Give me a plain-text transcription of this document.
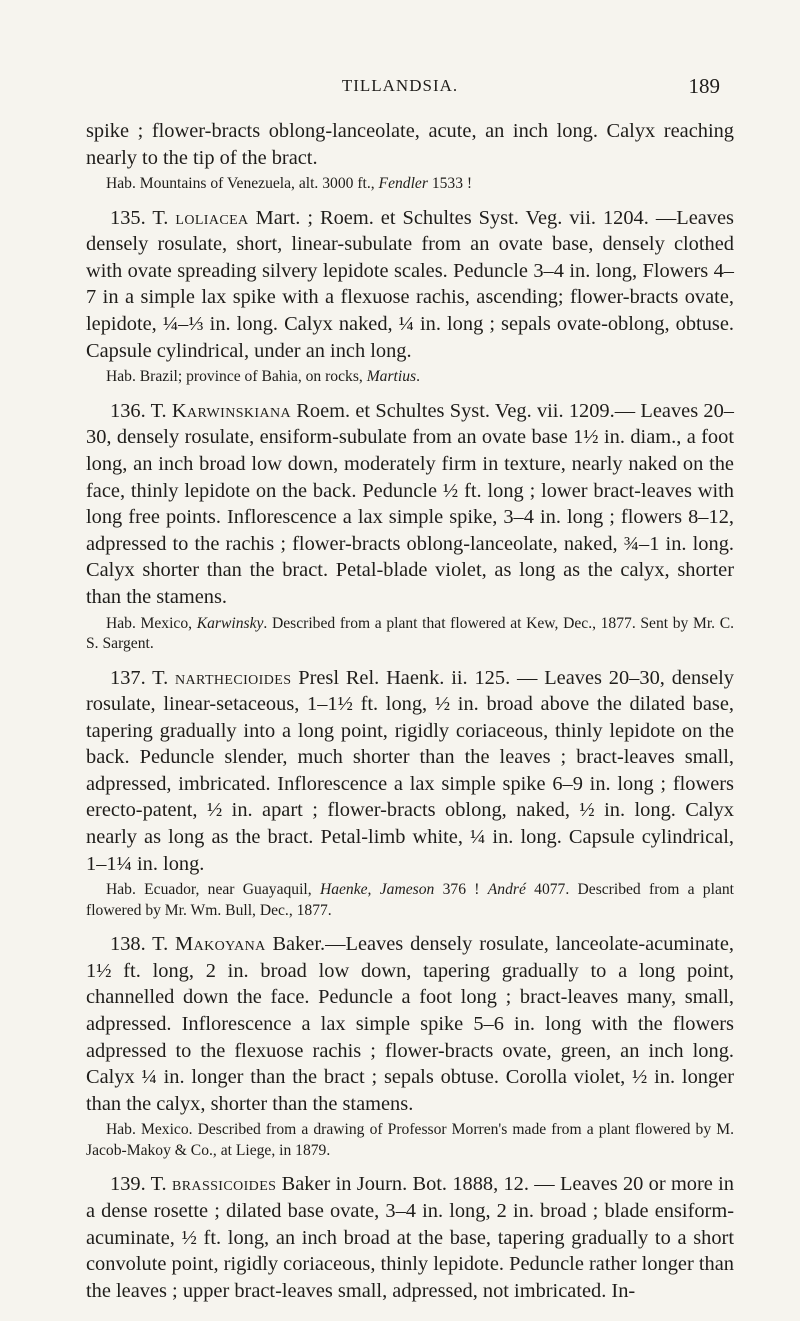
TILLANDSIA.	189

spike ; flower-bracts oblong-lanceolate, acute, an inch long. Calyx reaching nearly to the tip of the bract.

Hab. Mountains of Venezuela, alt. 3000 ft., Fendler 1533 !

135. T. loliacea Mart. ; Roem. et Schultes Syst. Veg. vii. 1204. —Leaves densely rosulate, short, linear-subulate from an ovate base, densely clothed with ovate spreading silvery lepidote scales. Peduncle 3–4 in. long, Flowers 4–7 in a simple lax spike with a flexuose rachis, ascending; flower-bracts ovate, lepidote, ¼–⅓ in. long. Calyx naked, ¼ in. long ; sepals ovate-oblong, obtuse. Capsule cylindrical, under an inch long.

Hab. Brazil; province of Bahia, on rocks, Martius.

136. T. Karwinskiana Roem. et Schultes Syst. Veg. vii. 1209.— Leaves 20–30, densely rosulate, ensiform-subulate from an ovate base 1½ in. diam., a foot long, an inch broad low down, moderately firm in texture, nearly naked on the face, thinly lepidote on the back. Peduncle ½ ft. long ; lower bract-leaves with long free points. Inflorescence a lax simple spike, 3–4 in. long ; flowers 8–12, adpressed to the rachis ; flower-bracts oblong-lanceolate, naked, ¾–1 in. long. Calyx shorter than the bract. Petal-blade violet, as long as the calyx, shorter than the stamens.

Hab. Mexico, Karwinsky. Described from a plant that flowered at Kew, Dec., 1877. Sent by Mr. C. S. Sargent.

137. T. narthecioides Presl Rel. Haenk. ii. 125. — Leaves 20–30, densely rosulate, linear-setaceous, 1–1½ ft. long, ½ in. broad above the dilated base, tapering gradually into a long point, rigidly coriaceous, thinly lepidote on the back. Peduncle slender, much shorter than the leaves ; bract-leaves small, adpressed, imbricated. Inflorescence a lax simple spike 6–9 in. long ; flowers erecto-patent, ½ in. apart ; flower-bracts oblong, naked, ½ in. long. Calyx nearly as long as the bract. Petal-limb white, ¼ in. long. Capsule cylindrical, 1–1¼ in. long.

Hab. Ecuador, near Guayaquil, Haenke, Jameson 376 ! André 4077. Described from a plant flowered by Mr. Wm. Bull, Dec., 1877.

138. T. Makoyana Baker.—Leaves densely rosulate, lanceolate-acuminate, 1½ ft. long, 2 in. broad low down, tapering gradually to a long point, channelled down the face. Peduncle a foot long ; bract-leaves many, small, adpressed. Inflorescence a lax simple spike 5–6 in. long with the flowers adpressed to the flexuose rachis ; flower-bracts ovate, green, an inch long. Calyx ¼ in. longer than the bract ; sepals obtuse. Corolla violet, ½ in. longer than the calyx, shorter than the stamens.

Hab. Mexico. Described from a drawing of Professor Morren's made from a plant flowered by M. Jacob-Makoy & Co., at Liege, in 1879.

139. T. brassicoides Baker in Journ. Bot. 1888, 12. — Leaves 20 or more in a dense rosette ; dilated base ovate, 3–4 in. long, 2 in. broad ; blade ensiform-acuminate, ½ ft. long, an inch broad at the base, tapering gradually to a short convolute point, rigidly coriaceous, thinly lepidote. Peduncle rather longer than the leaves ; upper bract-leaves small, adpressed, not imbricated. In-
